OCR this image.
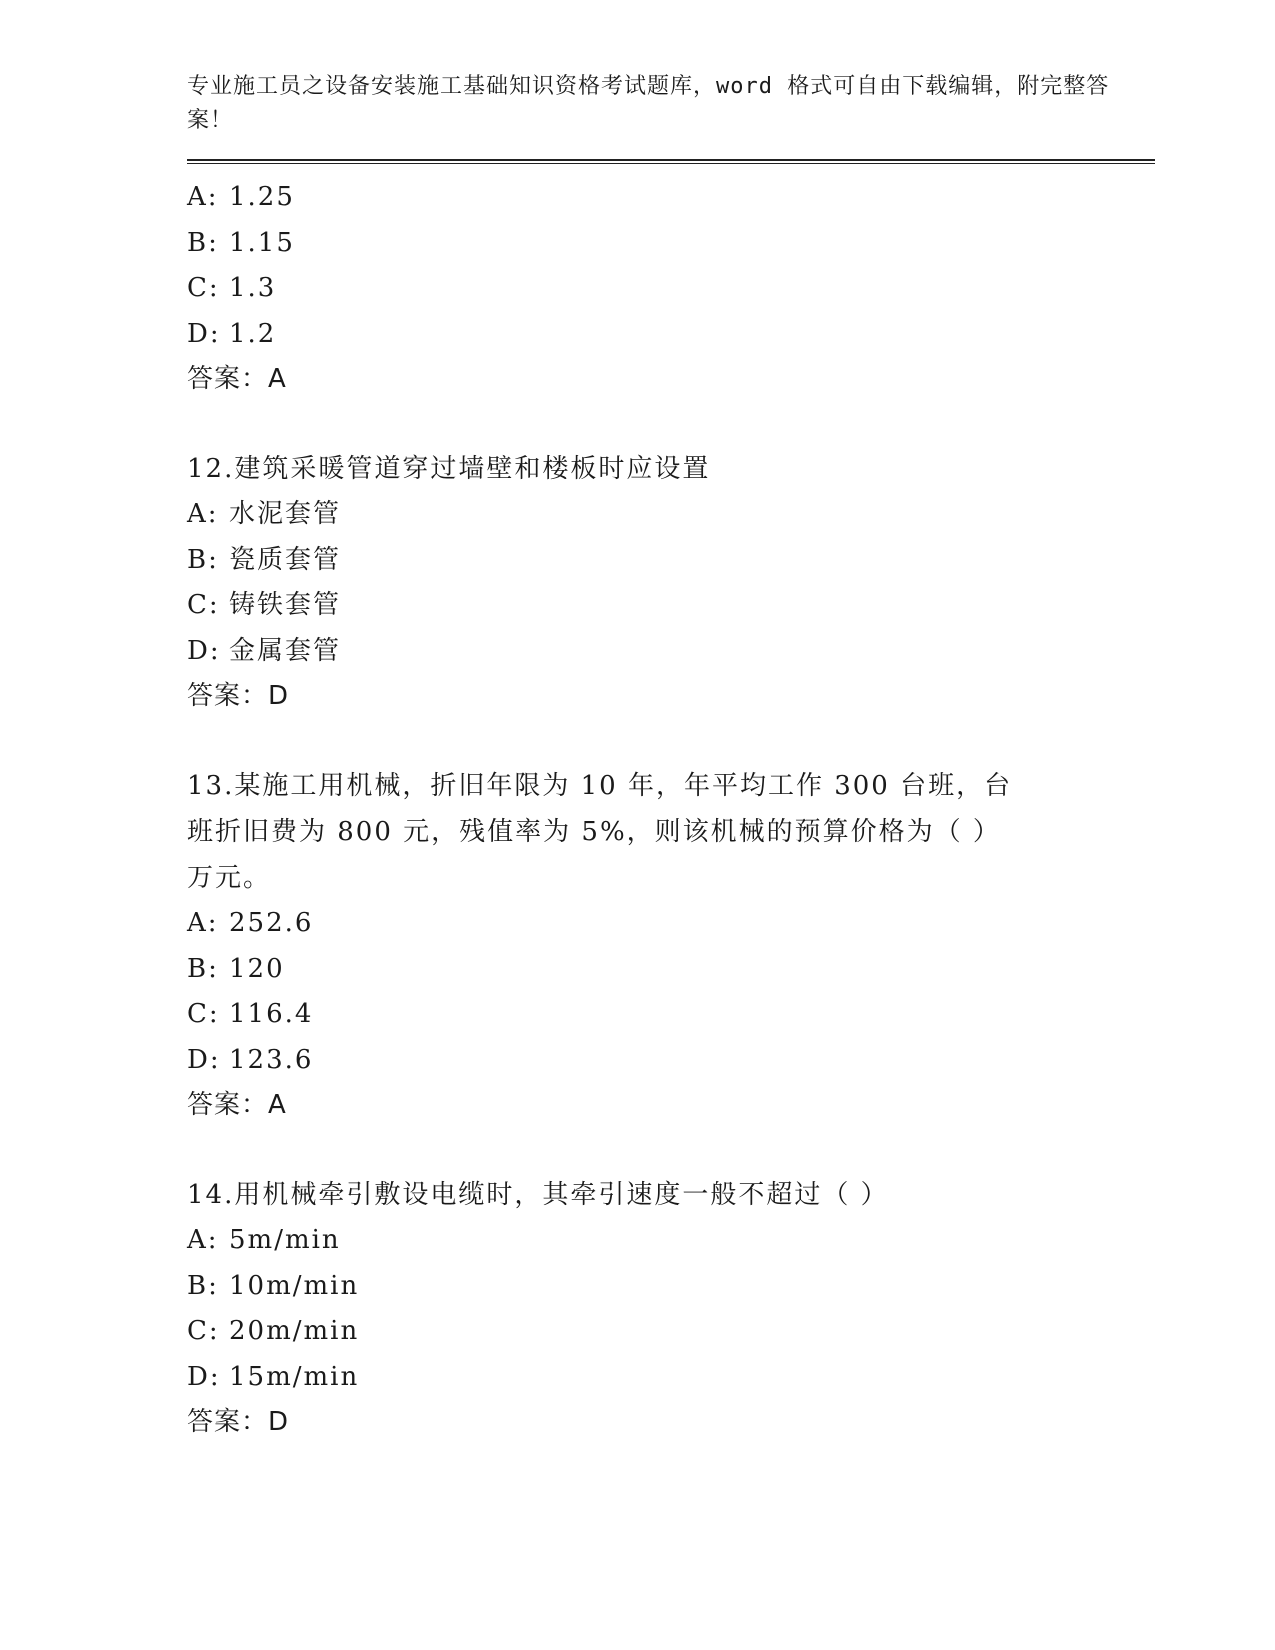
专业施工员之设备安装施工基础知识资格考试题库，word 格式可自由下载编辑，附完整答案！

A: 1.25

B: 1.15

C: 1.3

D: 1.2

答案：A

12.建筑采暖管道穿过墙壁和楼板时应设置

A: 水泥套管

B: 瓷质套管

C: 铸铁套管

D: 金属套管

答案：D

13.某施工用机械，折旧年限为 10 年，年平均工作 300 台班，台班折旧费为 800 元，残值率为 5%，则该机械的预算价格为（ ）万元。

A: 252.6

B: 120

C: 116.4

D: 123.6

答案：A

14.用机械牵引敷设电缆时，其牵引速度一般不超过（ ）

A: 5m/min

B: 10m/min

C: 20m/min

D: 15m/min

答案：D
